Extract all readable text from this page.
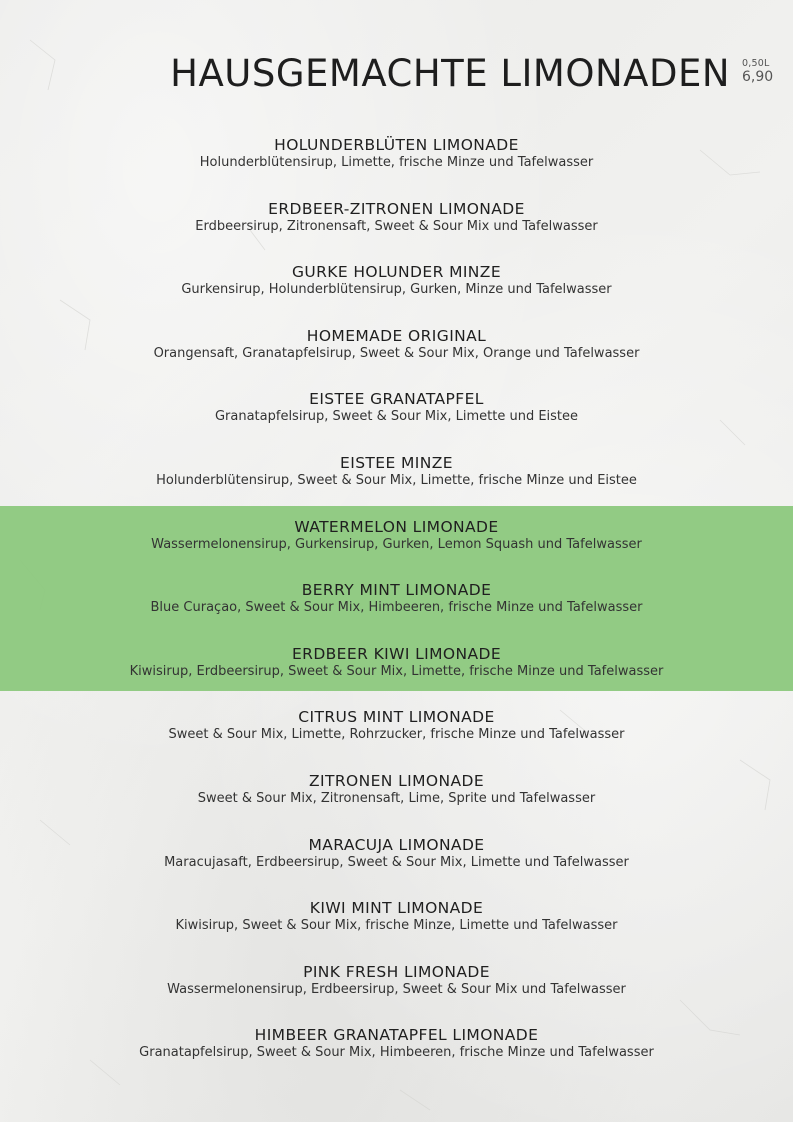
HAUSGEMACHTE LIMONADEN 0,50L
6,90
HOLUNDERBLÜTEN LIMONADE
Holunderblütensirup, Limette, frische Minze und Tafelwasser
ERDBEER-ZITRONEN LIMONADE
Erdbeersirup, Zitronensaft, Sweet & Sour Mix und Tafelwasser
GURKE HOLUNDER MINZE
Gurkensirup, Holunderblütensirup, Gurken, Minze und Tafelwasser
HOMEMADE ORIGINAL
Orangensaft, Granatapfelsirup, Sweet & Sour Mix, Orange und Tafelwasser
EISTEE GRANATAPFEL
Granatapfelsirup, Sweet & Sour Mix, Limette und Eistee
EISTEE MINZE
Holunderblütensirup, Sweet & Sour Mix, Limette, frische Minze und Eistee
WATERMELON LIMONADE
Wassermelonensirup, Gurkensirup, Gurken, Lemon Squash und Tafelwasser
BERRY MINT LIMONADE
Blue Curaçao, Sweet & Sour Mix, Himbeeren, frische Minze und Tafelwasser
ERDBEER KIWI LIMONADE
Kiwisirup, Erdbeersirup, Sweet & Sour Mix, Limette, frische Minze und Tafelwasser
CITRUS MINT LIMONADE
Sweet & Sour Mix, Limette, Rohrzucker, frische Minze und Tafelwasser
ZITRONEN LIMONADE
Sweet & Sour Mix, Zitronensaft, Lime, Sprite und Tafelwasser
MARACUJA LIMONADE
Maracujasaft, Erdbeersirup, Sweet & Sour Mix, Limette und Tafelwasser
KIWI MINT LIMONADE
Kiwisirup, Sweet & Sour Mix, frische Minze, Limette und Tafelwasser
PINK FRESH LIMONADE
Wassermelonensirup, Erdbeersirup, Sweet & Sour Mix und Tafelwasser
HIMBEER GRANATAPFEL LIMONADE
Granatapfelsirup, Sweet & Sour Mix, Himbeeren, frische Minze und Tafelwasser
